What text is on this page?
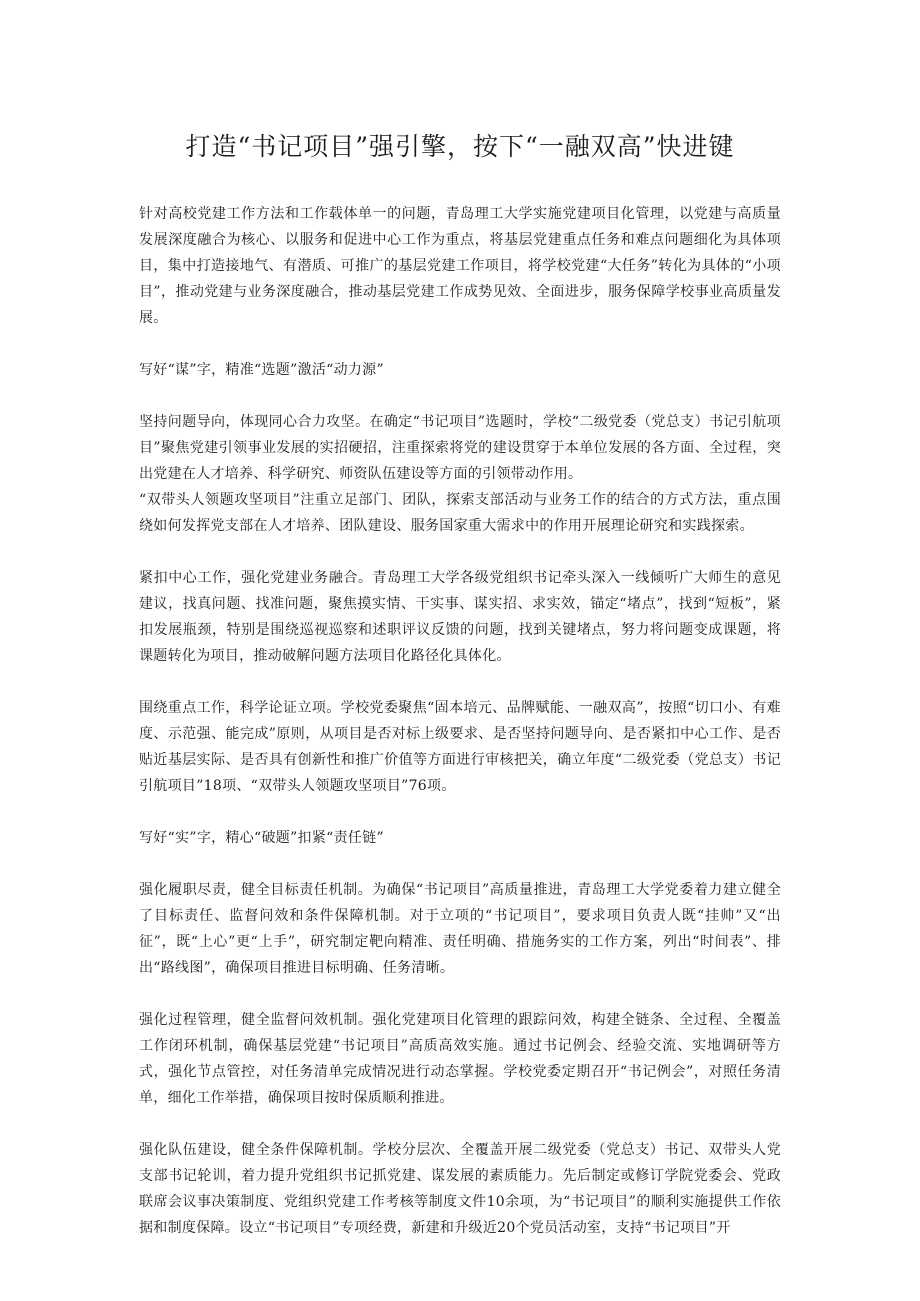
打造“书记项目”强引擎，按下“一融双高”快进键

针对高校党建工作方法和工作载体单一的问题，青岛理工大学实施党建项目化管理，以党建与高质量发展深度融合为核心、以服务和促进中心工作为重点，将基层党建重点任务和难点问题细化为具体项目，集中打造接地气、有潜质、可推广的基层党建工作项目，将学校党建“大任务”转化为具体的“小项目”，推动党建与业务深度融合，推动基层党建工作成势见效、全面进步，服务保障学校事业高质量发展。

写好“谋”字，精准“选题”激活“动力源”

坚持问题导向，体现同心合力攻坚。在确定“书记项目”选题时，学校“二级党委（党总支）书记引航项目”聚焦党建引领事业发展的实招硬招，注重探索将党的建设贯穿于本单位发展的各方面、全过程，突出党建在人才培养、科学研究、师资队伍建设等方面的引领带动作用。

“双带头人领题攻坚项目”注重立足部门、团队，探索支部活动与业务工作的结合的方式方法，重点围绕如何发挥党支部在人才培养、团队建设、服务国家重大需求中的作用开展理论研究和实践探索。

紧扣中心工作，强化党建业务融合。青岛理工大学各级党组织书记牵头深入一线倾听广大师生的意见建议，找真问题、找准问题，聚焦摸实情、干实事、谋实招、求实效，锚定“堵点”，找到“短板”，紧扣发展瓶颈，特别是围绕巡视巡察和述职评议反馈的问题，找到关键堵点，努力将问题变成课题，将课题转化为项目，推动破解问题方法项目化路径化具体化。

围绕重点工作，科学论证立项。学校党委聚焦“固本培元、品牌赋能、一融双高”，按照“切口小、有难度、示范强、能完成”原则，从项目是否对标上级要求、是否坚持问题导向、是否紧扣中心工作、是否贴近基层实际、是否具有创新性和推广价值等方面进行审核把关，确立年度“二级党委（党总支）书记引航项目”18项、“双带头人领题攻坚项目”76项。

写好“实”字，精心“破题”扣紧“责任链”

强化履职尽责，健全目标责任机制。为确保“书记项目”高质量推进，青岛理工大学党委着力建立健全了目标责任、监督问效和条件保障机制。对于立项的“书记项目”，要求项目负责人既“挂帅”又“出征”，既“上心”更“上手”，研究制定靶向精准、责任明确、措施务实的工作方案，列出“时间表”、排出“路线图”，确保项目推进目标明确、任务清晰。

强化过程管理，健全监督问效机制。强化党建项目化管理的跟踪问效，构建全链条、全过程、全覆盖工作闭环机制，确保基层党建“书记项目”高质高效实施。通过书记例会、经验交流、实地调研等方式，强化节点管控，对任务清单完成情况进行动态掌握。学校党委定期召开“书记例会”，对照任务清单，细化工作举措，确保项目按时保质顺利推进。

强化队伍建设，健全条件保障机制。学校分层次、全覆盖开展二级党委（党总支）书记、双带头人党支部书记轮训，着力提升党组织书记抓党建、谋发展的素质能力。先后制定或修订学院党委会、党政联席会议事决策制度、党组织党建工作考核等制度文件10余项，为“书记项目”的顺利实施提供工作依据和制度保障。设立“书记项目”专项经费，新建和升级近20个党员活动室，支持“书记项目”开
